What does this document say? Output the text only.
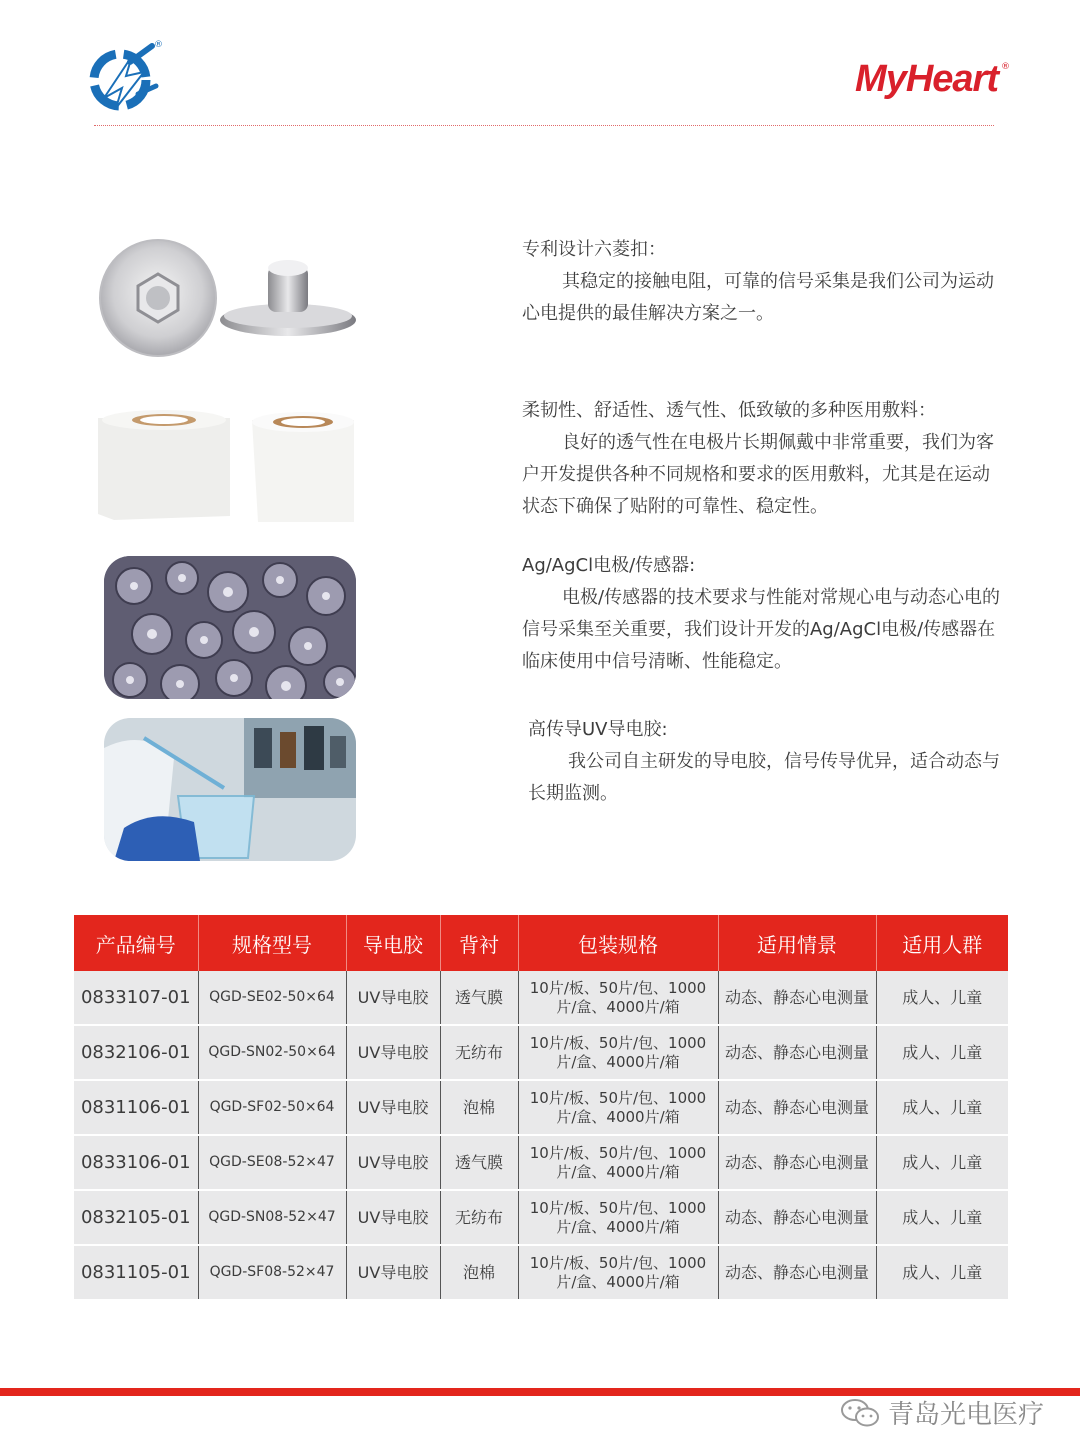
®
MyHeart ®

专利设计六菱扣：

其稳定的接触电阻，可靠的信号采集是我们公司为运动心电提供的最佳解决方案之一。

柔韧性、舒适性、透气性、低致敏的多种医用敷料：

良好的透气性在电极片长期佩戴中非常重要，我们为客户开发提供各种不同规格和要求的医用敷料，尤其是在运动状态下确保了贴附的可靠性、稳定性。

Ag/AgCl电极/传感器:

电极/传感器的技术要求与性能对常规心电与动态心电的信号采集至关重要，我们设计开发的Ag/AgCl电极/传感器在临床使用中信号清晰、性能稳定。

高传导UV导电胶:

我公司自主研发的导电胶，信号传导优异，适合动态与长期监测。

产品编号	规格型号	导电胶	背衬	包装规格	适用情景	适用人群
0833107-01	QGD-SE02-50×64	UV导电胶	透气膜	10片/板、50片/包、1000片/盒、4000片/箱	动态、静态心电测量	成人、儿童
0832106-01	QGD-SN02-50×64	UV导电胶	无纺布	10片/板、50片/包、1000片/盒、4000片/箱	动态、静态心电测量	成人、儿童
0831106-01	QGD-SF02-50×64	UV导电胶	泡棉	10片/板、50片/包、1000片/盒、4000片/箱	动态、静态心电测量	成人、儿童
0833106-01	QGD-SE08-52×47	UV导电胶	透气膜	10片/板、50片/包、1000片/盒、4000片/箱	动态、静态心电测量	成人、儿童
0832105-01	QGD-SN08-52×47	UV导电胶	无纺布	10片/板、50片/包、1000片/盒、4000片/箱	动态、静态心电测量	成人、儿童
0831105-01	QGD-SF08-52×47	UV导电胶	泡棉	10片/板、50片/包、1000片/盒、4000片/箱	动态、静态心电测量	成人、儿童
青岛光电医疗
